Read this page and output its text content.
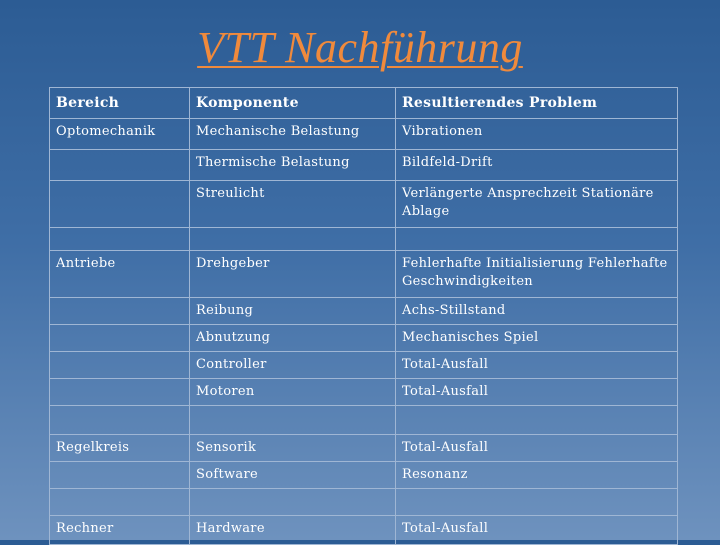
VTT Nachführung
Bereich	Komponente	Resultierendes Problem
Optomechanik	Mechanische Belastung	Vibrationen
	Thermische Belastung	Bildfeld-Drift
	Streulicht	Verlängerte Ansprechzeit Stationäre Ablage

Antriebe	Drehgeber	Fehlerhafte Initialisierung Fehlerhafte Geschwindigkeiten
	Reibung	Achs-Stillstand
	Abnutzung	Mechanisches Spiel
	Controller	Total-Ausfall
	Motoren	Total-Ausfall

Regelkreis	Sensorik	Total-Ausfall
	Software	Resonanz

Rechner	Hardware	Total-Ausfall
